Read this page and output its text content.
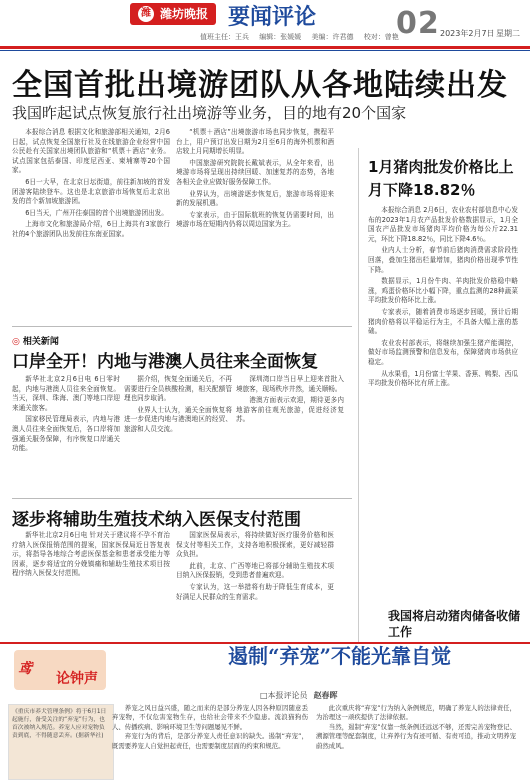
潍 潍坊晚报 要闻评论	02 2023年2月7日 星期二
值班主任：王兵 编辑：张媛媛 美编：许君德 校对：曾艳
全国首批出境游团队从各地陆续出发
我国昨起试点恢复旅行社出境游等业务，目的地有20个国家

本报综合消息 根据文化和旅游部相关通知，2月6日起，试点恢复全国旅行社及在线旅游企业经营中国公民赴有关国家出境团队旅游和“机票＋酒店”业务。试点国家包括泰国、印度尼西亚、柬埔寨等20个国家。

6日一大早，在北京日坛街道，前往新加坡的首发团游客陆续登车。这也是北京旅游市场恢复后北京出发的首个新加坡旅游团。

6日当天，广州开往泰国的首个出境旅游团出发。

上海市文化和旅游局介绍，6日上海共有3家旅行社的4个旅游团队出发前往东南亚国家。

“机票＋酒店”出境旅游市场也同步恢复，携程平台上，用户预订出发日期为2月至6月的海外机票和酒店较上月同期增长明显。

中国旅游研究院院长戴斌表示，从全年来看，出境游市场将呈现出持续回暖、加速复苏的态势，各地各相关企业应做好服务保障工作。

业界认为，出境游逐步恢复后，旅游市场将迎来新的发展机遇。

专家表示，由于国际航班的恢复仍需要时间，出境游市场在短期内仍将以周边国家为主。

1月猪肉批发价格比上月下降18.82％

本报综合消息 2月6日，农业农村部信息中心发布的2023年1月农产品批发价格数据显示，1月全国农产品批发市场猪肉平均价格为每公斤22.31元，环比下降18.82％，同比下降4.6％。

业内人士分析，春节前后猪肉消费需求阶段性回落，叠加生猪出栏量增加，猪肉价格出现季节性下降。

数据显示，1月份牛肉、羊肉批发价格稳中略涨，鸡蛋价格环比小幅下降，重点监测的28种蔬菜平均批发价格环比上涨。

专家表示，随着消费市场逐步回暖，预计后期猪肉价格将以平稳运行为主，不具备大幅上涨的基础。

农业农村部表示，将继续加强生猪产能调控，做好市场监测预警和信息发布，保障猪肉市场供应稳定。

从水果看，1月份富士苹果、香蕉、鸭梨、西瓜平均批发价格环比有所上涨。

◎ 相关新闻
口岸全开！内地与港澳人员往来全面恢复

新华社北京2月6日电 6日零时起，内地与港澳人员往来全面恢复。当天，深圳、珠海、澳门等地口岸迎来通关旅客。

国家移民管理局表示，内地与港澳人员往来全面恢复后，各口岸将加强通关服务保障，有序恢复口岸通关功能。

据介绍，恢复全面通关后，不再需要进行全员核酸检测，相关配额管理也同步取消。

业界人士认为，通关全面恢复将进一步促进内地与港澳地区的经贸、旅游和人员交流。

深圳湾口岸当日早上迎来首批入境旅客，现场秩序井然，通关顺畅。

港澳方面表示欢迎，期待更多内地游客前往观光旅游，促进经济复苏。

逐步将辅助生殖技术纳入医保支付范围

新华社北京2月6日电 针对关于建议将不孕不育治疗纳入医保报销范围的提案，国家医保局近日答复表示，将指导各地综合考虑医保基金和患者承受能力等因素，逐步将适宜的分娩镇痛和辅助生殖技术项目按程序纳入医保支付范围。

国家医保局表示，将持续做好医疗服务价格和医保支付等相关工作，支持各地积极探索，更好减轻群众负担。

此前，北京、广西等地已将部分辅助生殖技术项目纳入医保报销，受到患者普遍欢迎。

专家认为，这一举措将有助于降低生育成本，更好满足人民群众的生育需求。

我国将启动猪肉储备收储工作
鸢
论钟声
遏制“弃宠”不能光靠自觉
□本报评论员 赵春晖
《重庆市养犬管理条例》将于6月1日起施行，备受关注的“弃宠”行为，也首次被纳入规范。养宠人应对宠物负责到底，不得随意丢弃。(据新华社)

养宠之风日益兴盛，随之而来的是部分养宠人因各种原因随意丢弃宠物，不仅危害宠物生存，也给社会带来不少隐患。流浪猫狗伤人、传播疾病、影响环境卫生等问题屡见不鲜。

弃宠行为的背后，是部分养宠人责任意识的缺失。遏制“弃宠”，既需要养宠人自觉担起责任，也需要制度层面的约束和规范。

此次重庆将“弃宠”行为纳入条例规范，明确了养宠人的法律责任，为治理这一顽疾提供了法律依据。

当然，遏制“弃宠”仅靠一纸条例还远远不够，还需完善宠物登记、溯源管理等配套制度，让弃养行为有迹可循、有责可追，推动文明养宠蔚然成风。
